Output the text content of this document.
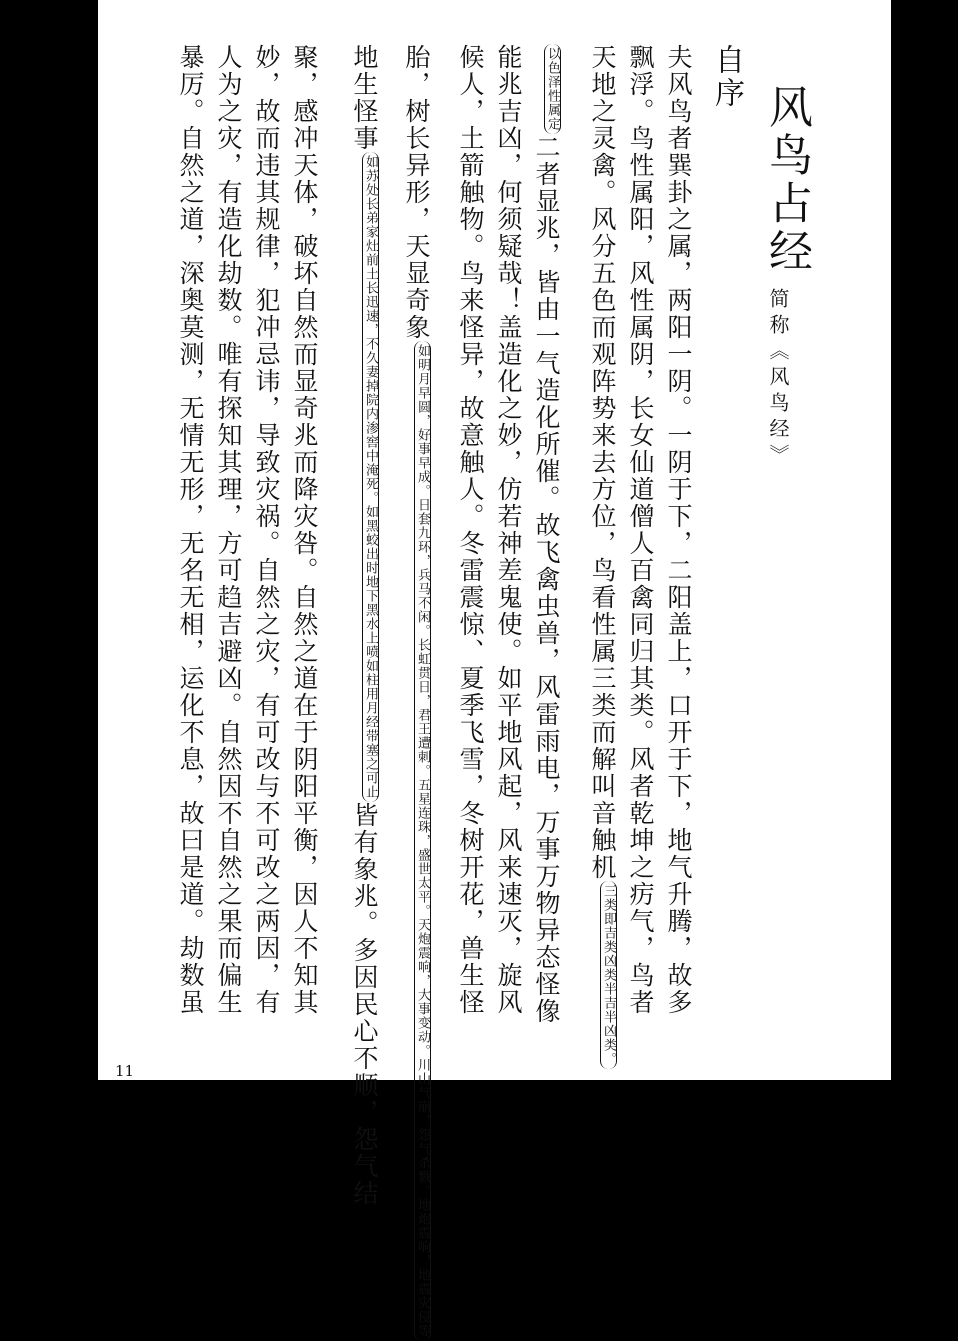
风鸟占经
简称《风鸟经》
自序
夫风鸟者巽卦之属，两阳一阴。一阴于下，二阳盖上，口开于下，地气升腾，故多
飘浮。鸟性属阳，风性属阴，长女仙道僧人百禽同归其类。风者乾坤之疠气，鸟者
天地之灵禽。风分五色而观阵势来去方位，鸟看性属三类而解叫音触机三类即吉类凶类半吉半凶类。
以色泽性属定二者显兆，皆由一气造化所催。故飞禽虫兽，风雷雨电，万事万物异态怪像
能兆吉凶，何须疑哉！盖造化之妙，仿若神差鬼使。如平地风起，风来速灭，旋风
候人，土箭触物。鸟来怪异，故意触人。冬雷震惊、夏季飞雪，冬树开花，兽生怪
胎，树长异形，天显奇象如明月早圆，好事早成。日套九环，兵马不闲。长虹贯日，君王遭刺。五星连珠，盛世太平。天炮震响，大事变动。川山气崩，怨气杀戮。地炮震响，地震灾侵等
地生怪事如苏处长弟家灶前土长迅速，不久妻掉院内渗窖中淹死。如黑蛟出时地下黑水上喷如柱用月经带塞之可止皆有象兆。多因民心不顺，怨气结
聚，感冲天体，破坏自然而显奇兆而降灾咎。自然之道在于阴阳平衡，因人不知其
妙，故而违其规律，犯冲忌讳，导致灾祸。自然之灾，有可改与不可改之两因，有
人为之灾，有造化劫数。唯有探知其理，方可趋吉避凶。自然因不自然之果而偏生
暴厉。自然之道，深奥莫测，无情无形，无名无相，运化不息，故曰是道。劫数虽
11
